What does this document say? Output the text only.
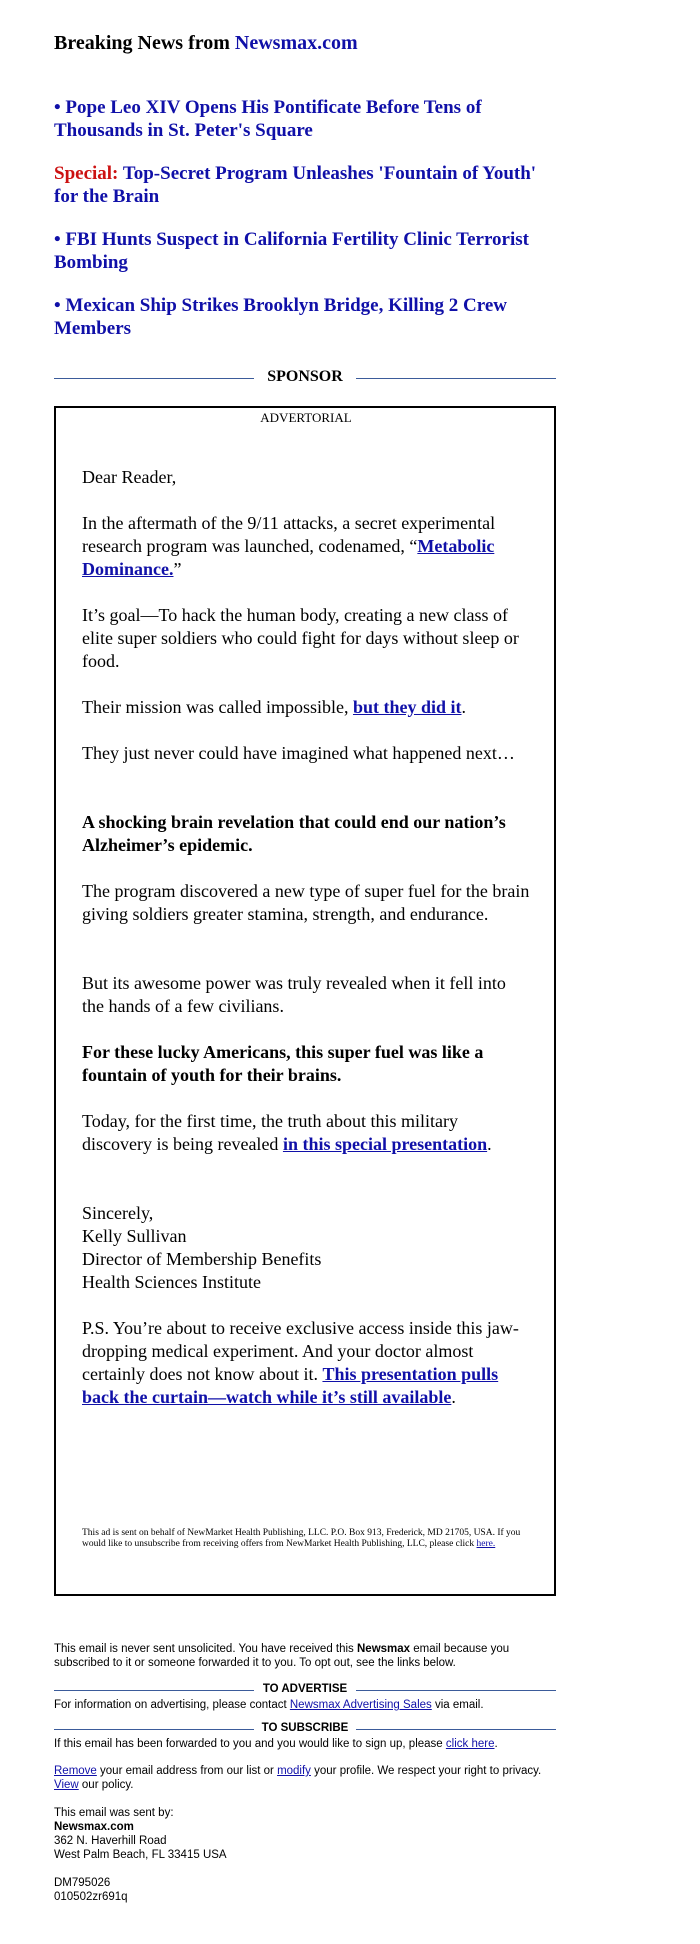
Breaking News from Newsmax.com
• Pope Leo XIV Opens His Pontificate Before Tens of Thousands in St. Peter's Square
Special: Top-Secret Program Unleashes 'Fountain of Youth' for the Brain
• FBI Hunts Suspect in California Fertility Clinic Terrorist Bombing
• Mexican Ship Strikes Brooklyn Bridge, Killing 2 Crew Members
SPONSOR
ADVERTORIAL

Dear Reader,

In the aftermath of the 9/11 attacks, a secret experimental research program was launched, codenamed, “Metabolic Dominance.”

It’s goal—To hack the human body, creating a new class of elite super soldiers who could fight for days without sleep or food.

Their mission was called impossible, but they did it.

They just never could have imagined what happened next…

A shocking brain revelation that could end our nation’s Alzheimer’s epidemic.

The program discovered a new type of super fuel for the brain giving soldiers greater stamina, strength, and endurance.

But its awesome power was truly revealed when it fell into the hands of a few civilians.

For these lucky Americans, this super fuel was like a fountain of youth for their brains.

Today, for the first time, the truth about this military discovery is being revealed in this special presentation.

Sincerely,
Kelly Sullivan
Director of Membership Benefits
Health Sciences Institute

P.S. You’re about to receive exclusive access inside this jaw-dropping medical experiment. And your doctor almost certainly does not know about it. This presentation pulls back the curtain—watch while it’s still available.

This ad is sent on behalf of NewMarket Health Publishing, LLC. P.O. Box 913, Frederick, MD 21705, USA. If you would like to unsubscribe from receiving offers from NewMarket Health Publishing, LLC, please click here.
This email is never sent unsolicited. You have received this Newsmax email because you subscribed to it or someone forwarded it to you. To opt out, see the links below.
TO ADVERTISE
For information on advertising, please contact Newsmax Advertising Sales via email.
TO SUBSCRIBE
If this email has been forwarded to you and you would like to sign up, please click here.
Remove your email address from our list or modify your profile. We respect your right to privacy. View our policy.
This email was sent by:
Newsmax.com
362 N. Haverhill Road
West Palm Beach, FL 33415 USA
DM795026
010502zr691q
